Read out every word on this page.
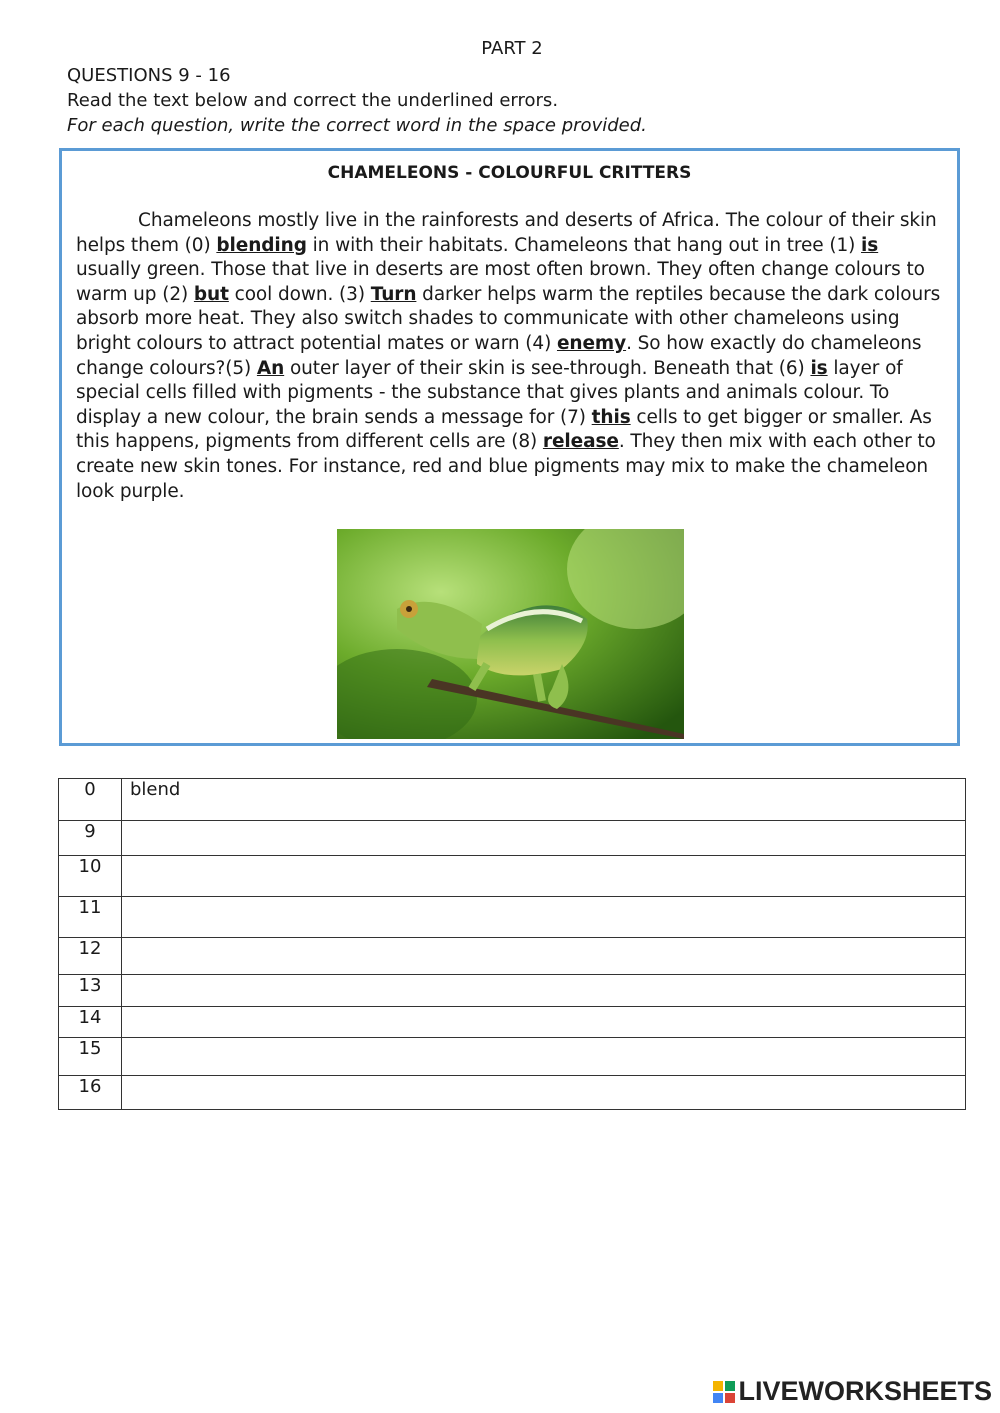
PART 2
QUESTIONS 9 - 16
Read the text below and correct the underlined errors.
For each question, write the correct word in the space provided.
CHAMELEONS - COLOURFUL CRITTERS

Chameleons mostly live in the rainforests and deserts of Africa. The colour of their skin helps them (0) blending in with their habitats. Chameleons that hang out in tree (1) is usually green. Those that live in deserts are most often brown. They often change colours to warm up (2) but cool down. (3) Turn darker helps warm the reptiles because the dark colours absorb more heat. They also switch shades to communicate with other chameleons using bright colours to attract potential mates or warn (4) enemy. So how exactly do chameleons change colours?(5) An outer layer of their skin is see-through. Beneath that (6) is layer of special cells filled with pigments - the substance that gives plants and animals colour. To display a new colour, the brain sends a message for (7) this cells to get bigger or smaller. As this happens, pigments from different cells are (8) release. They then mix with each other to create new skin tones. For instance, red and blue pigments may mix to make the chameleon look purple.

0	blend
9	
10	
11	
12	
13	
14	
15	
16	
LIVEWORKSHEETS
